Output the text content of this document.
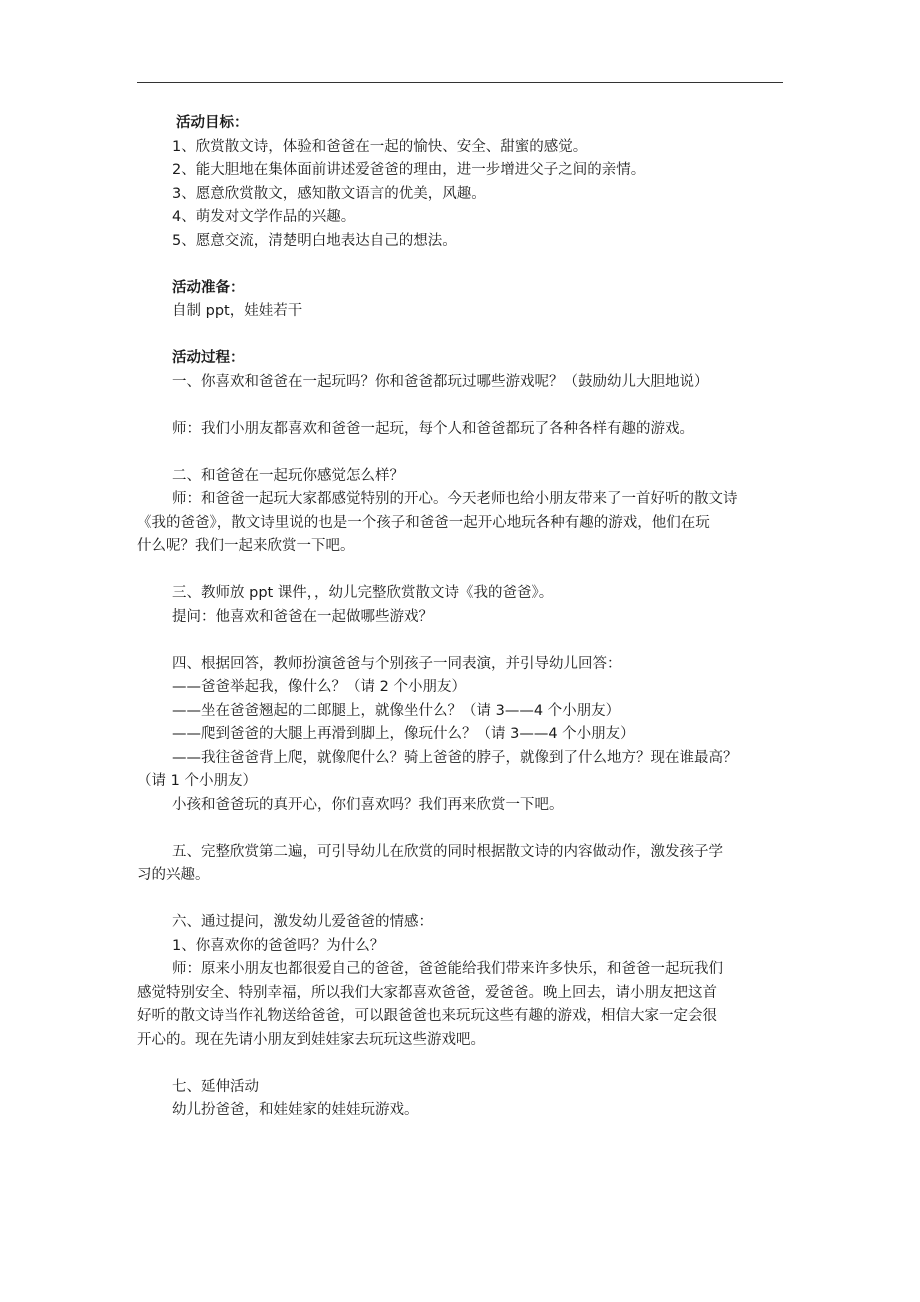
活动目标：
1、欣赏散文诗，体验和爸爸在一起的愉快、安全、甜蜜的感觉。
2、能大胆地在集体面前讲述爱爸爸的理由，进一步增进父子之间的亲情。
3、愿意欣赏散文，感知散文语言的优美，风趣。
4、萌发对文学作品的兴趣。
5、愿意交流，清楚明白地表达自己的想法。
活动准备：
自制 ppt，娃娃若干
活动过程：
一、你喜欢和爸爸在一起玩吗？你和爸爸都玩过哪些游戏呢？（鼓励幼儿大胆地说）
师：我们小朋友都喜欢和爸爸一起玩，每个人和爸爸都玩了各种各样有趣的游戏。
二、和爸爸在一起玩你感觉怎么样？
师：和爸爸一起玩大家都感觉特别的开心。今天老师也给小朋友带来了一首好听的散文诗
《我的爸爸》，散文诗里说的也是一个孩子和爸爸一起开心地玩各种有趣的游戏，他们在玩
什么呢？我们一起来欣赏一下吧。
三、教师放 ppt 课件，，幼儿完整欣赏散文诗《我的爸爸》。
提问：他喜欢和爸爸在一起做哪些游戏？
四、根据回答，教师扮演爸爸与个别孩子一同表演，并引导幼儿回答：
——爸爸举起我，像什么？（请 2 个小朋友）
——坐在爸爸翘起的二郎腿上，就像坐什么？（请 3——4 个小朋友）
——爬到爸爸的大腿上再滑到脚上，像玩什么？（请 3——4 个小朋友）
——我往爸爸背上爬，就像爬什么？骑上爸爸的脖子，就像到了什么地方？现在谁最高？
（请 1 个小朋友）
小孩和爸爸玩的真开心，你们喜欢吗？我们再来欣赏一下吧。
五、完整欣赏第二遍，可引导幼儿在欣赏的同时根据散文诗的内容做动作，激发孩子学
习的兴趣。
六、通过提问，激发幼儿爱爸爸的情感：
1、你喜欢你的爸爸吗？为什么？
师：原来小朋友也都很爱自己的爸爸，爸爸能给我们带来许多快乐，和爸爸一起玩我们
感觉特别安全、特别幸福，所以我们大家都喜欢爸爸，爱爸爸。晚上回去，请小朋友把这首
好听的散文诗当作礼物送给爸爸，可以跟爸爸也来玩玩这些有趣的游戏，相信大家一定会很
开心的。现在先请小朋友到娃娃家去玩玩这些游戏吧。
七、延伸活动
幼儿扮爸爸，和娃娃家的娃娃玩游戏。
